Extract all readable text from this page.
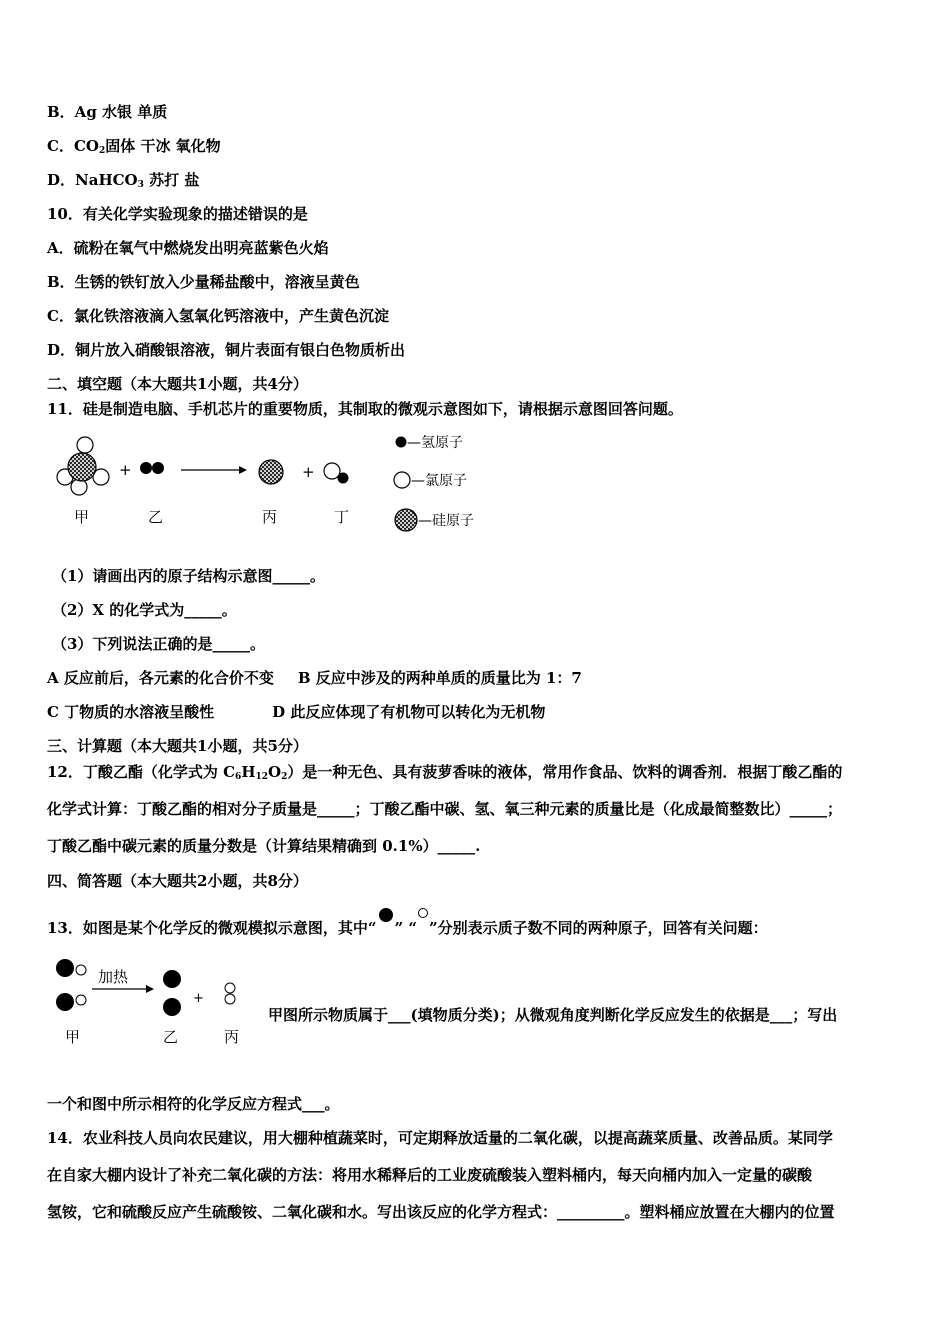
B．Ag 水银 单质
C．$CO_2$固体 干冰 氧化物
D．NaHCO$_3$ 苏打 盐
10．有关化学实验现象的描述错误的是
A．硫粉在氧气中燃烧发出明亮蓝紫色火焰
B．生锈的铁钉放入少量稀盐酸中，溶液呈黄色
C．氯化铁溶液滴入氢氧化钙溶液中，产生黄色沉淀
D．铜片放入硝酸银溶液，铜片表面有银白色物质析出
二、填空题（本大题共1小题，共4分）
11．硅是制造电脑、手机芯片的重要物质，其制取的微观示意图如下，请根据示意图回答问题。
+	+
甲	乙	丙	丁
—氢原子
—氯原子
—硅原子
（1）请画出丙的原子结构示意图_____。
（2）X 的化学式为_____。
（3）下列说法正确的是_____。
A 反应前后，各元素的化合价不变 B 反应中涉及的两种单质的质量比为 1：7
C 丁物质的水溶液呈酸性	D 此反应体现了有机物可以转化为无机物
三、计算题（本大题共1小题，共5分）
12．丁酸乙酯（化学式为 $C_6H_{12}O_2$）是一种无色、具有菠萝香味的液体，常用作食品、饮料的调香剂．根据丁酸乙酯的
化学式计算：丁酸乙酯的相对分子质量是_____；丁酸乙酯中碳、氢、氧三种元素的质量比是（化成最简整数比）_____；
丁酸乙酯中碳元素的质量分数是（计算结果精确到 0.1%）_____.
四、简答题（本大题共2小题，共8分）
13．如图是某个化学反的微观模拟示意图，其中“ ” “ ”分别表示质子数不同的两种原子，回答有关问题：
加热
+
甲	乙	丙
甲图所示物质属于___(填物质分类)；从微观角度判断化学反应发生的依据是___；写出
一个和图中所示相符的化学反应方程式___。
14．农业科技人员向农民建议，用大棚种植蔬菜时，可定期释放适量的二氧化碳，以提高蔬菜质量、改善品质。某同学
在自家大棚内设计了补充二氧化碳的方法：将用水稀释后的工业废硫酸装入塑料桶内，每天向桶内加入一定量的碳酸
氢铵，它和硫酸反应产生硫酸铵、二氧化碳和水。写出该反应的化学方程式：_________。塑料桶应放置在大棚内的位置
